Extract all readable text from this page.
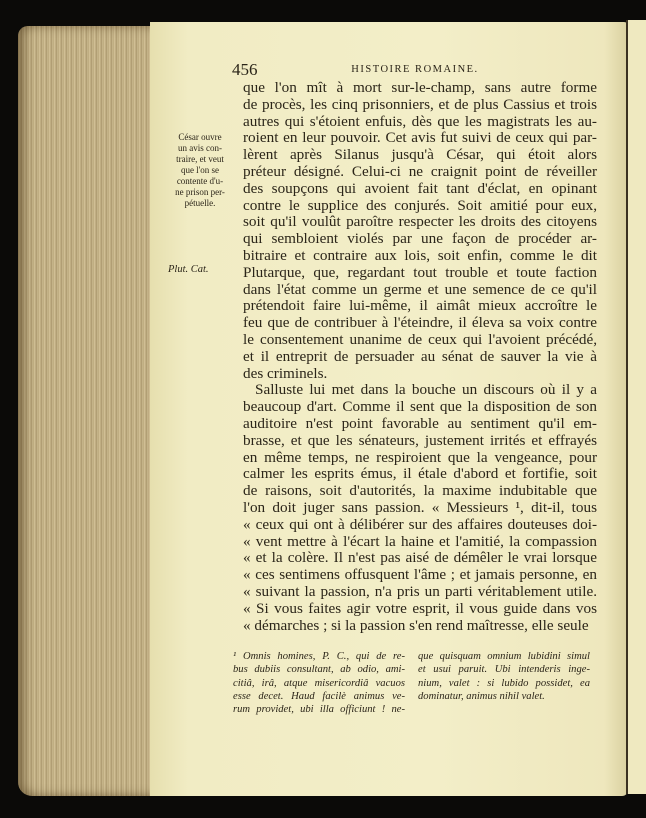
456	HISTOIRE ROMAINE.
César ouvre
un avis con-
traire, et veut
que l'on se
contente d'u-
ne prison per-
pétuelle.
Plut. Cat.
que l'on mît à mort sur-le-champ, sans autre forme
de procès, les cinq prisonniers, et de plus Cassius et trois
autres qui s'étoient enfuis, dès que les magistrats les au-
roient en leur pouvoir. Cet avis fut suivi de ceux qui par-
lèrent après Silanus jusqu'à César, qui étoit alors
préteur désigné. Celui-ci ne craignit point de réveiller
des soupçons qui avoient fait tant d'éclat, en opinant
contre le supplice des conjurés. Soit amitié pour eux,
soit qu'il voulût paroître respecter les droits des citoyens
qui sembloient violés par une façon de procéder ar-
bitraire et contraire aux lois, soit enfin, comme le dit
Plutarque, que, regardant tout trouble et toute faction
dans l'état comme un germe et une semence de ce qu'il
prétendoit faire lui-même, il aimât mieux accroître le
feu que de contribuer à l'éteindre, il éleva sa voix contre
le consentement unanime de ceux qui l'avoient précédé,
et il entreprit de persuader au sénat de sauver la vie à
des criminels.
Salluste lui met dans la bouche un discours où il y a
beaucoup d'art. Comme il sent que la disposition de son
auditoire n'est point favorable au sentiment qu'il em-
brasse, et que les sénateurs, justement irrités et effrayés
en même temps, ne respiroient que la vengeance, pour
calmer les esprits émus, il étale d'abord et fortifie, soit
de raisons, soit d'autorités, la maxime indubitable que
l'on doit juger sans passion. « Messieurs ¹, dit-il, tous
« ceux qui ont à délibérer sur des affaires douteuses doi-
« vent mettre à l'écart la haine et l'amitié, la compassion
« et la colère. Il n'est pas aisé de démêler le vrai lorsque
« ces sentimens offusquent l'âme ; et jamais personne, en
« suivant la passion, n'a pris un parti véritablement utile.
« Si vous faites agir votre esprit, il vous guide dans vos
« démarches ; si la passion s'en rend maîtresse, elle seule
¹ Omnis homines, P. C., qui de re-
bus dubiis consultant, ab odio, ami-
citiâ, irâ, atque misericordiâ vacuos
esse decet. Haud facilè animus ve-
rum providet, ubi illa officiunt ! ne-
que quisquam omnium lubidini simul
et usui paruit. Ubi intenderis inge-
nium, valet : si lubido possidet, ea
dominatur, animus nihil valet.
